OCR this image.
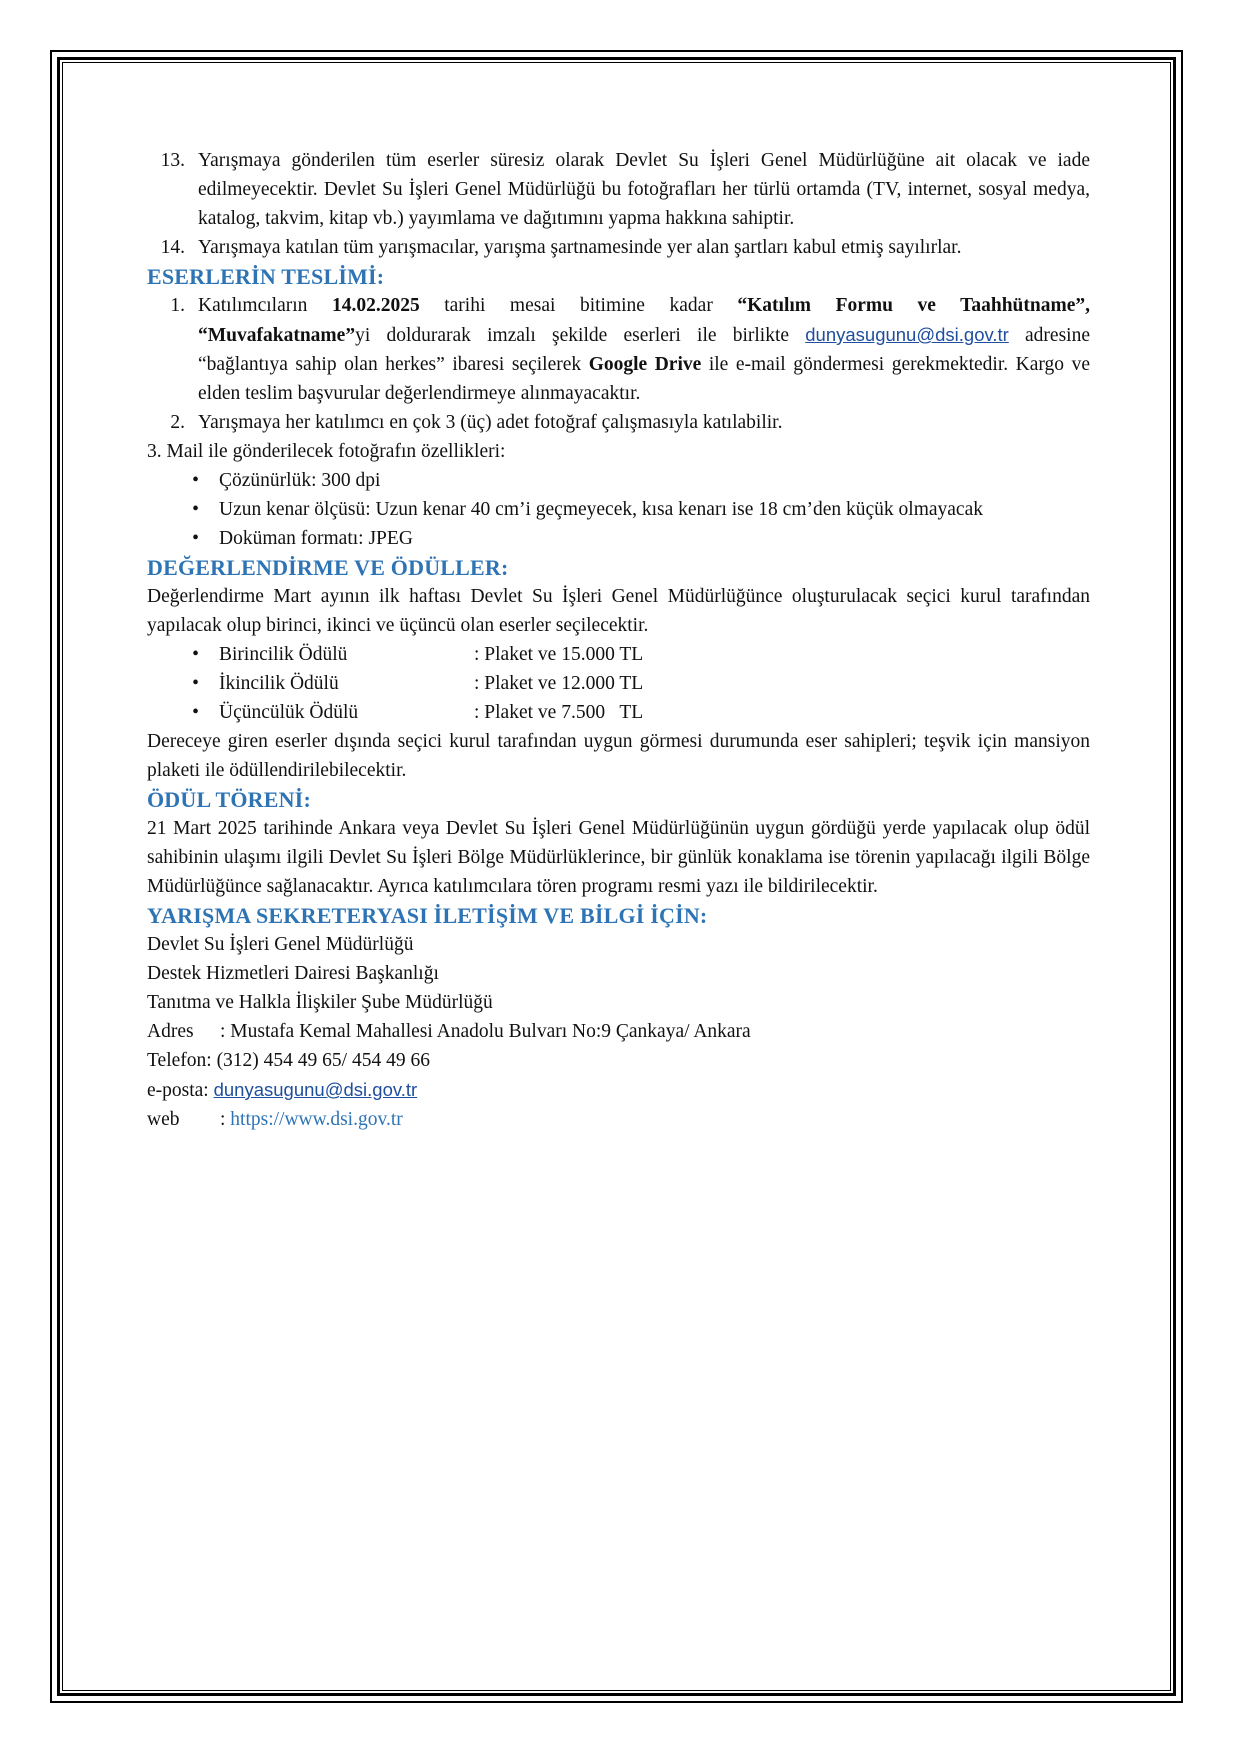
13. Yarışmaya gönderilen tüm eserler süresiz olarak Devlet Su İşleri Genel Müdürlüğüne ait olacak ve iade edilmeyecektir. Devlet Su İşleri Genel Müdürlüğü bu fotoğrafları her türlü ortamda (TV, internet, sosyal medya, katalog, takvim, kitap vb.) yayımlama ve dağıtımını yapma hakkına sahiptir.
14. Yarışmaya katılan tüm yarışmacılar, yarışma şartnamesinde yer alan şartları kabul etmiş sayılırlar.

ESERLERİN TESLİMİ:

1. Katılımcıların 14.02.2025 tarihi mesai bitimine kadar “Katılım Formu ve Taahhütname”, “Muvafakatname”yi doldurarak imzalı şekilde eserleri ile birlikte dunyasugunu@dsi.gov.tr adresine “bağlantıya sahip olan herkes” ibaresi seçilerek Google Drive ile e-mail göndermesi gerekmektedir. Kargo ve elden teslim başvurular değerlendirmeye alınmayacaktır.
2. Yarışmaya her katılımcı en çok 3 (üç) adet fotoğraf çalışmasıyla katılabilir.

3. Mail ile gönderilecek fotoğrafın özellikleri:

•	Çözünürlük: 300 dpi
•	Uzun kenar ölçüsü: Uzun kenar 40 cm’i geçmeyecek, kısa kenarı ise 18 cm’den küçük olmayacak
•	Doküman formatı: JPEG

DEĞERLENDİRME VE ÖDÜLLER:

Değerlendirme Mart ayının ilk haftası Devlet Su İşleri Genel Müdürlüğünce oluşturulacak seçici kurul tarafından yapılacak olup birinci, ikinci ve üçüncü olan eserler seçilecektir.

•	Birincilik Ödülü	: Plaket ve 15.000 TL
•	İkincilik Ödülü	: Plaket ve 12.000 TL
•	Üçüncülük Ödülü	: Plaket ve 7.500   TL

Dereceye giren eserler dışında seçici kurul tarafından uygun görmesi durumunda eser sahipleri; teşvik için mansiyon plaketi ile ödüllendirilebilecektir.

ÖDÜL TÖRENİ:

21 Mart 2025 tarihinde Ankara veya Devlet Su İşleri Genel Müdürlüğünün uygun gördüğü yerde yapılacak olup ödül sahibinin ulaşımı ilgili Devlet Su İşleri Bölge Müdürlüklerince, bir günlük konaklama ise törenin yapılacağı ilgili Bölge Müdürlüğünce sağlanacaktır. Ayrıca katılımcılara tören programı resmi yazı ile bildirilecektir.

YARIŞMA SEKRETERYASI İLETİŞİM VE BİLGİ İÇİN:

Devlet Su İşleri Genel Müdürlüğü

Destek Hizmetleri Dairesi Başkanlığı

Tanıtma ve Halkla İlişkiler Şube Müdürlüğü

Adres : Mustafa Kemal Mahallesi Anadolu Bulvarı No:9 Çankaya/ Ankara

Telefon: (312) 454 49 65/ 454 49 66

e-posta: dunyasugunu@dsi.gov.tr

web : https://www.dsi.gov.tr
